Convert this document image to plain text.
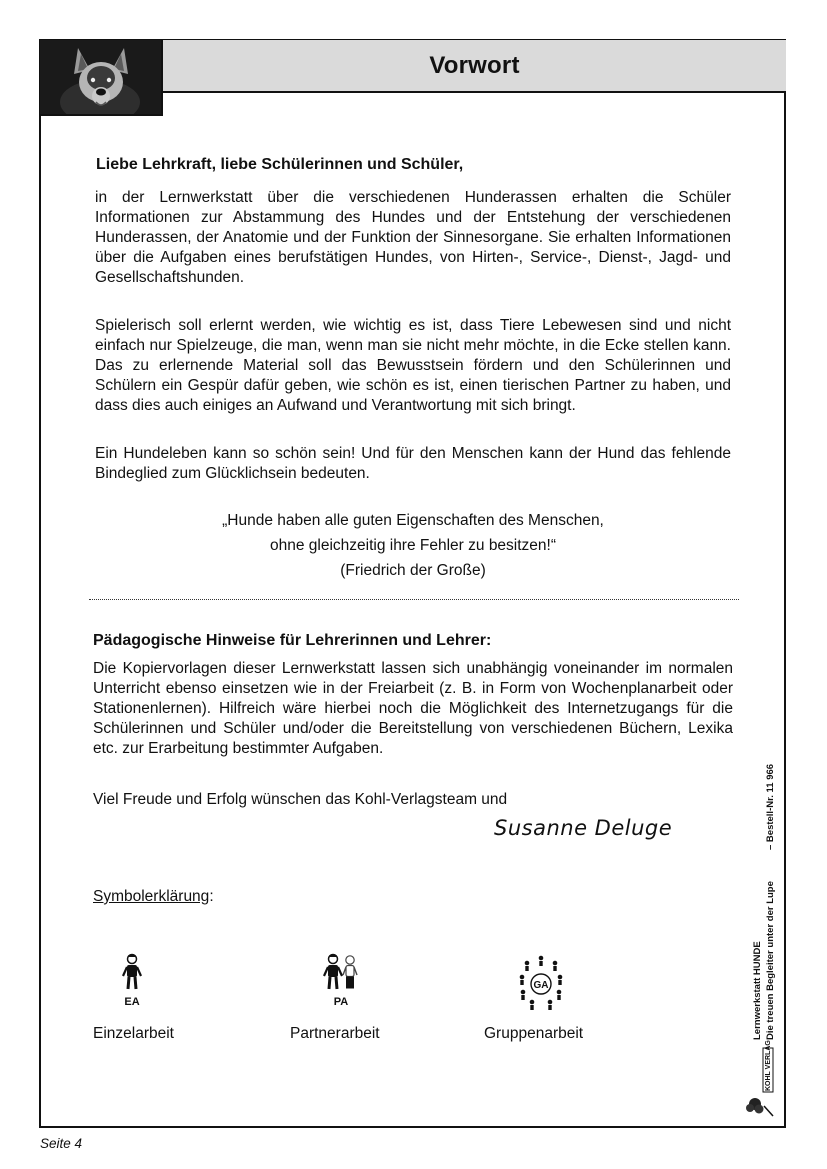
Vorwort
Liebe Lehrkraft, liebe Schülerinnen und Schüler,

in der Lernwerkstatt über die verschiedenen Hunderassen erhalten die Schüler Informationen zur Abstammung des Hundes und der Entstehung der verschiedenen Hunderassen, der Anatomie und der Funktion der Sinnesorgane. Sie erhalten Informationen über die Aufgaben eines berufstätigen Hundes, von Hirten-, Service-, Dienst-, Jagd- und Gesellschaftshunden.

Spielerisch soll erlernt werden, wie wichtig es ist, dass Tiere Lebewesen sind und nicht einfach nur Spielzeuge, die man, wenn man sie nicht mehr möchte, in die Ecke stellen kann. Das zu erlernende Material soll das Bewusstsein fördern und den Schülerinnen und Schülern ein Gespür dafür geben, wie schön es ist, einen tierischen Partner zu haben, und dass dies auch einiges an Aufwand und Verantwortung mit sich bringt.

Ein Hundeleben kann so schön sein! Und für den Menschen kann der Hund das fehlende Bindeglied zum Glücklichsein bedeuten.

„Hunde haben alle guten Eigenschaften des Menschen,
ohne gleichzeitig ihre Fehler zu besitzen!“
(Friedrich der Große)
Pädagogische Hinweise für Lehrerinnen und Lehrer:

Die Kopiervorlagen dieser Lernwerkstatt lassen sich unabhängig voneinander im normalen Unterricht ebenso einsetzen wie in der Freiarbeit (z. B. in Form von Wochenplanarbeit oder Stationenlernen). Hilfreich wäre hierbei noch die Möglichkeit des Internetzugangs für die Schülerinnen und Schüler und/oder die Bereitstellung von verschiedenen Büchern, Lexika etc. zur Erarbeitung bestimmter Aufgaben.

Viel Freude und Erfolg wünschen das Kohl-Verlagsteam und

Susanne Deluge
Symbolerklärung:
EA	PA
GA
Einzelarbeit	Partnerarbeit	Gruppenarbeit	Lernwerkstatt HUNDE Die treuen Begleiter unter der Lupe
– Bestell-Nr. 11 966
KOHL VERLAG
Seite 4
